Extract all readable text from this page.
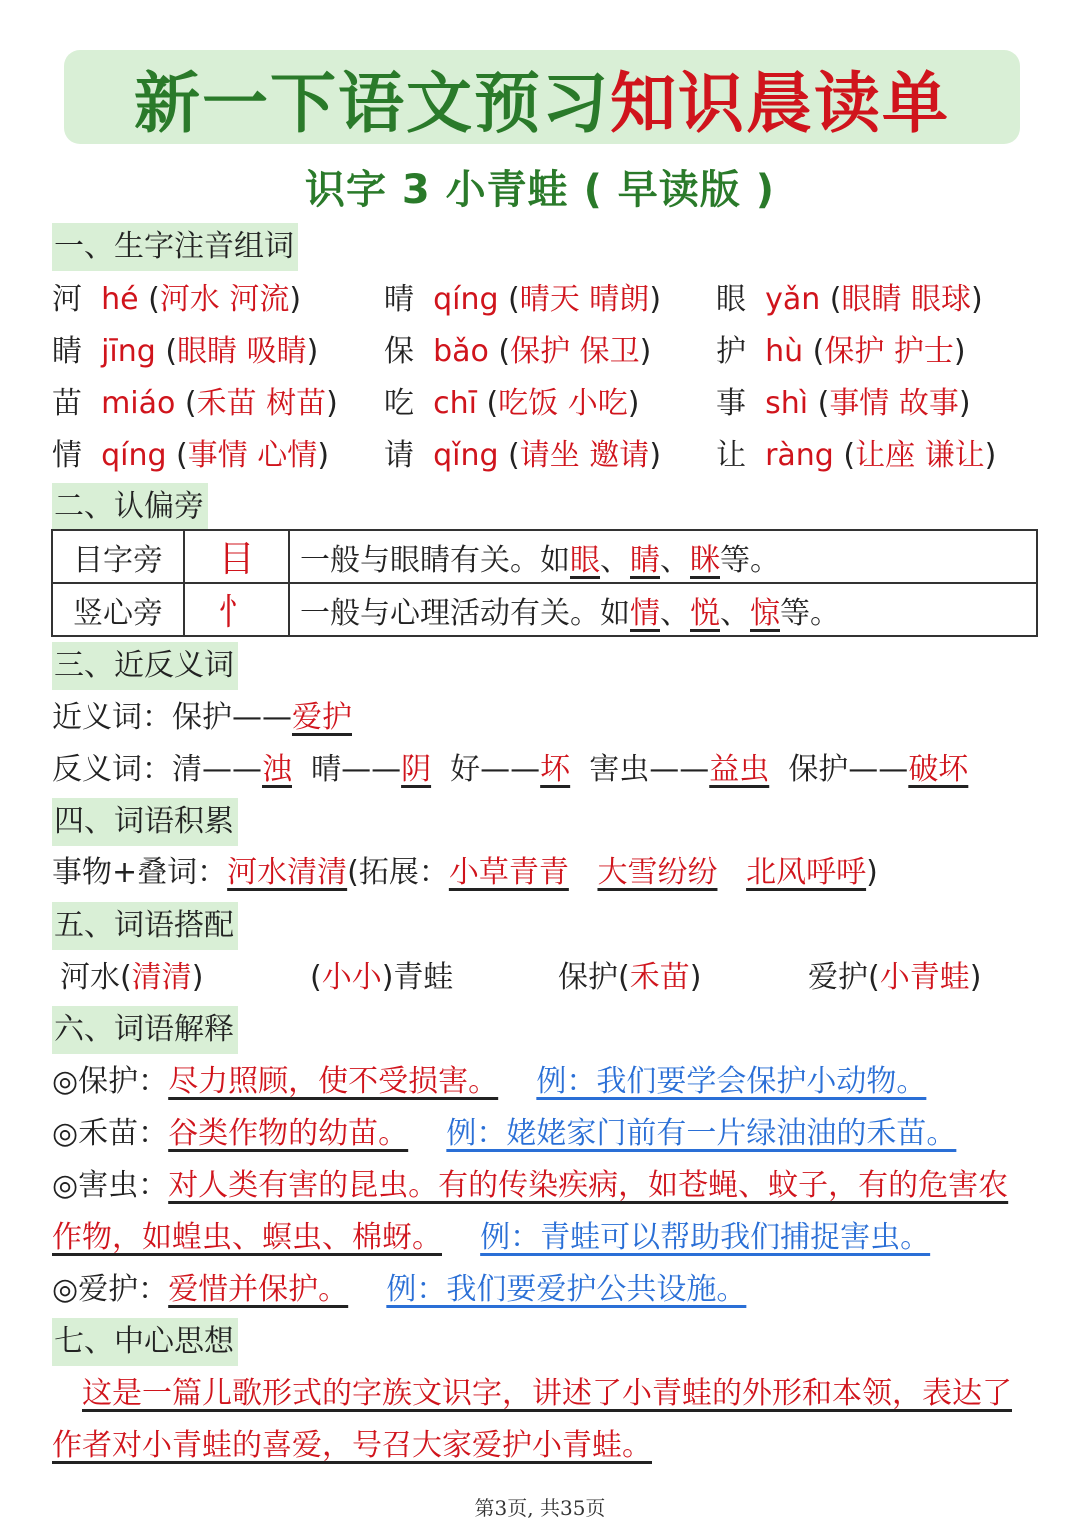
新一下语文预习 知识晨读单
识字 3 小青蛙 ( 早读版 )
一、生字注音组词
河 hé (河水 河流)	晴 qíng (晴天 晴朗) 眼 yǎn (眼睛 眼球)
睛 jīng (眼睛 吸睛) 保 bǎo (保护 保卫) 护 hù (保护 护士)
苗 miáo (禾苗 树苗) 吃 chī (吃饭 小吃)	事 shì (事情 故事)
情 qíng (事情 心情) 请 qǐng (请坐 邀请) 让 ràng (让座 谦让)
二、认偏旁
目字旁	目	一般与眼睛有关。如眼、睛、眯等。
竖心旁	忄	一般与心理活动有关。如情、悦、惊等。
三、近反义词
近义词：保护——爱护
反义词：清——浊 晴——阴 好——坏 害虫——益虫 保护——破坏
四、词语积累
事物+叠词：河水清清(拓展：小草青青 大雪纷纷 北风呼呼)
五、词语搭配
河水(清清)	(小小)青蛙	保护(禾苗)	爱护(小青蛙)
六、词语解释
◎保护：尽力照顾，使不受损害。 例：我们要学会保护小动物。
◎禾苗：谷类作物的幼苗。 例：姥姥家门前有一片绿油油的禾苗。
◎害虫：对人类有害的昆虫。有的传染疾病，如苍蝇、蚊子，有的危害农
作物，如蝗虫、螟虫、棉蚜。 例：青蛙可以帮助我们捕捉害虫。
◎爱护：爱惜并保护。 例：我们要爱护公共设施。
七、中心思想
这是一篇儿歌形式的字族文识字，讲述了小青蛙的外形和本领，表达了
作者对小青蛙的喜爱，号召大家爱护小青蛙。
第3页, 共35页
